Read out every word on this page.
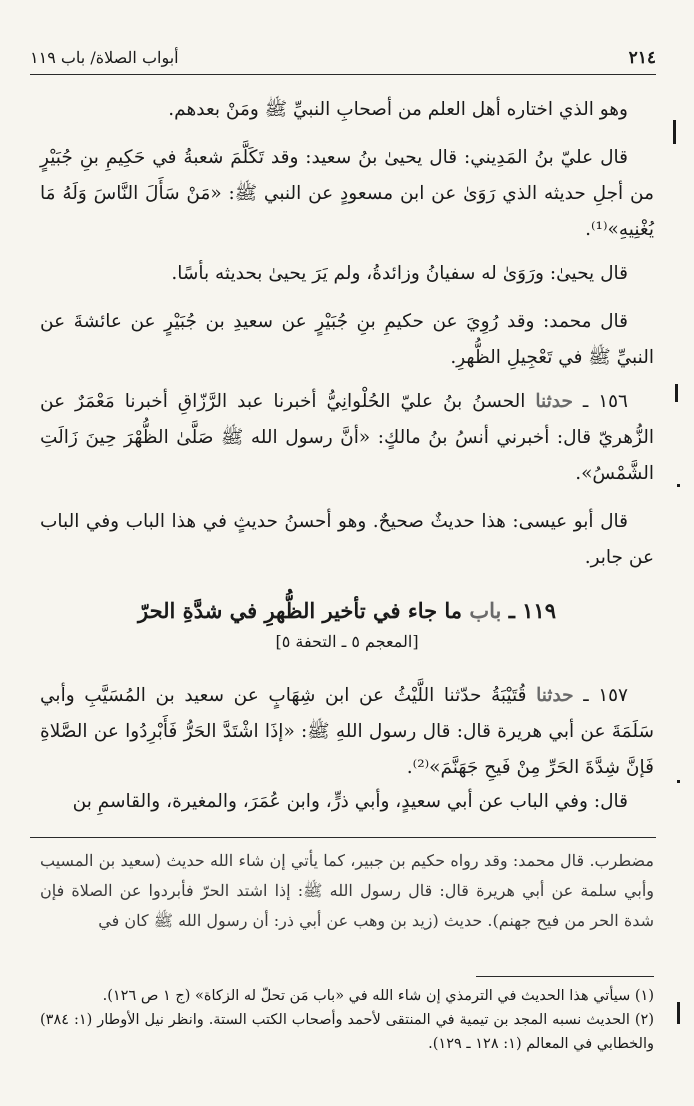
٢١٤
أبواب الصلاة/ باب ١١٩
وهو الذي اختاره أهل العلم من أصحابِ النبيِّ ﷺ ومَنْ بعدهم.
قال عليّ بنُ المَدِيني: قال يحيىٰ بنُ سعيد: وقد تَكَلَّمَ شعبةُ في حَكِيمِ بنِ جُبَيْرٍ من أجلِ حديثه الذي رَوَىٰ عن ابن مسعودٍ عن النبي ﷺ: «مَنْ سَأَلَ النَّاسَ وَلَهُ مَا يُغْنِيهِ»⁽¹⁾.
قال يحيىٰ: ورَوَىٰ له سفيانُ وزائدةُ، ولم يَرَ يحيىٰ بحديثه بأسًا.
قال محمد: وقد رُوِيَ عن حكيمِ بنِ جُبَيْرٍ عن سعيدِ بن جُبَيْرٍ عن عائشةَ عن النبيِّ ﷺ في تَعْجِيلِ الظُّهرِ.
١٥٦ ـ حدثنا الحسنُ بنُ عليّ الحُلْوانِيُّ أخبرنا عبد الرَّزّاقِ أخبرنا مَعْمَرٌ عن الزُّهريّ قال: أخبرني أنسُ بنُ مالكٍ: «أنَّ رسول الله ﷺ صَلَّىٰ الظُّهْرَ حِينَ زَالَتِ الشَّمْسُ».
قال أبو عيسى: هذا حديثٌ صحيحٌ. وهو أحسنُ حديثٍ في هذا الباب وفي الباب عن جابر.
١١٩ ـ باب ما جاء في تأخير الظُّهرِ في شدَّةِ الحرّ
[المعجم ٥ ـ التحفة ٥]
١٥٧ ـ حدثنا قُتَيْبَةُ حدّثنا اللَّيْثُ عن ابن شِهَابٍ عن سعيد بن المُسَيَّبِ وأبي سَلَمَةَ عن أبي هريرة قال: قال رسول اللهِ ﷺ: «إذَا اشْتَدَّ الحَرُّ فَأَبْرِدُوا عن الصَّلاةِ فَإنَّ شِدَّةَ الحَرِّ مِنْ فَيحِ جَهَنَّمَ»⁽²⁾.
قال: وفي الباب عن أبي سعيدٍ، وأبي ذرٍّ، وابن عُمَرَ، والمغيرة، والقاسمِ بن
مضطرب. قال محمد: وقد رواه حكيم بن جبير، كما يأتي إن شاء الله حديث (سعيد بن المسيب وأبي سلمة عن أبي هريرة قال: قال رسول الله ﷺ: إذا اشتد الحرّ فأبردوا عن الصلاة فإن شدة الحر من فيح جهنم). حديث (زيد بن وهب عن أبي ذر: أن رسول الله ﷺ كان في
(١) سيأتي هذا الحديث في الترمذي إن شاء الله في «باب مَن تحلّ له الزكاة» (ج ١ ص ١٢٦).
(٢) الحديث نسبه المجد بن تيمية في المنتقى لأحمد وأصحاب الكتب الستة. وانظر نيل الأوطار (١: ٣٨٤) والخطابي في المعالم (١: ١٢٨ ـ ١٢٩).
